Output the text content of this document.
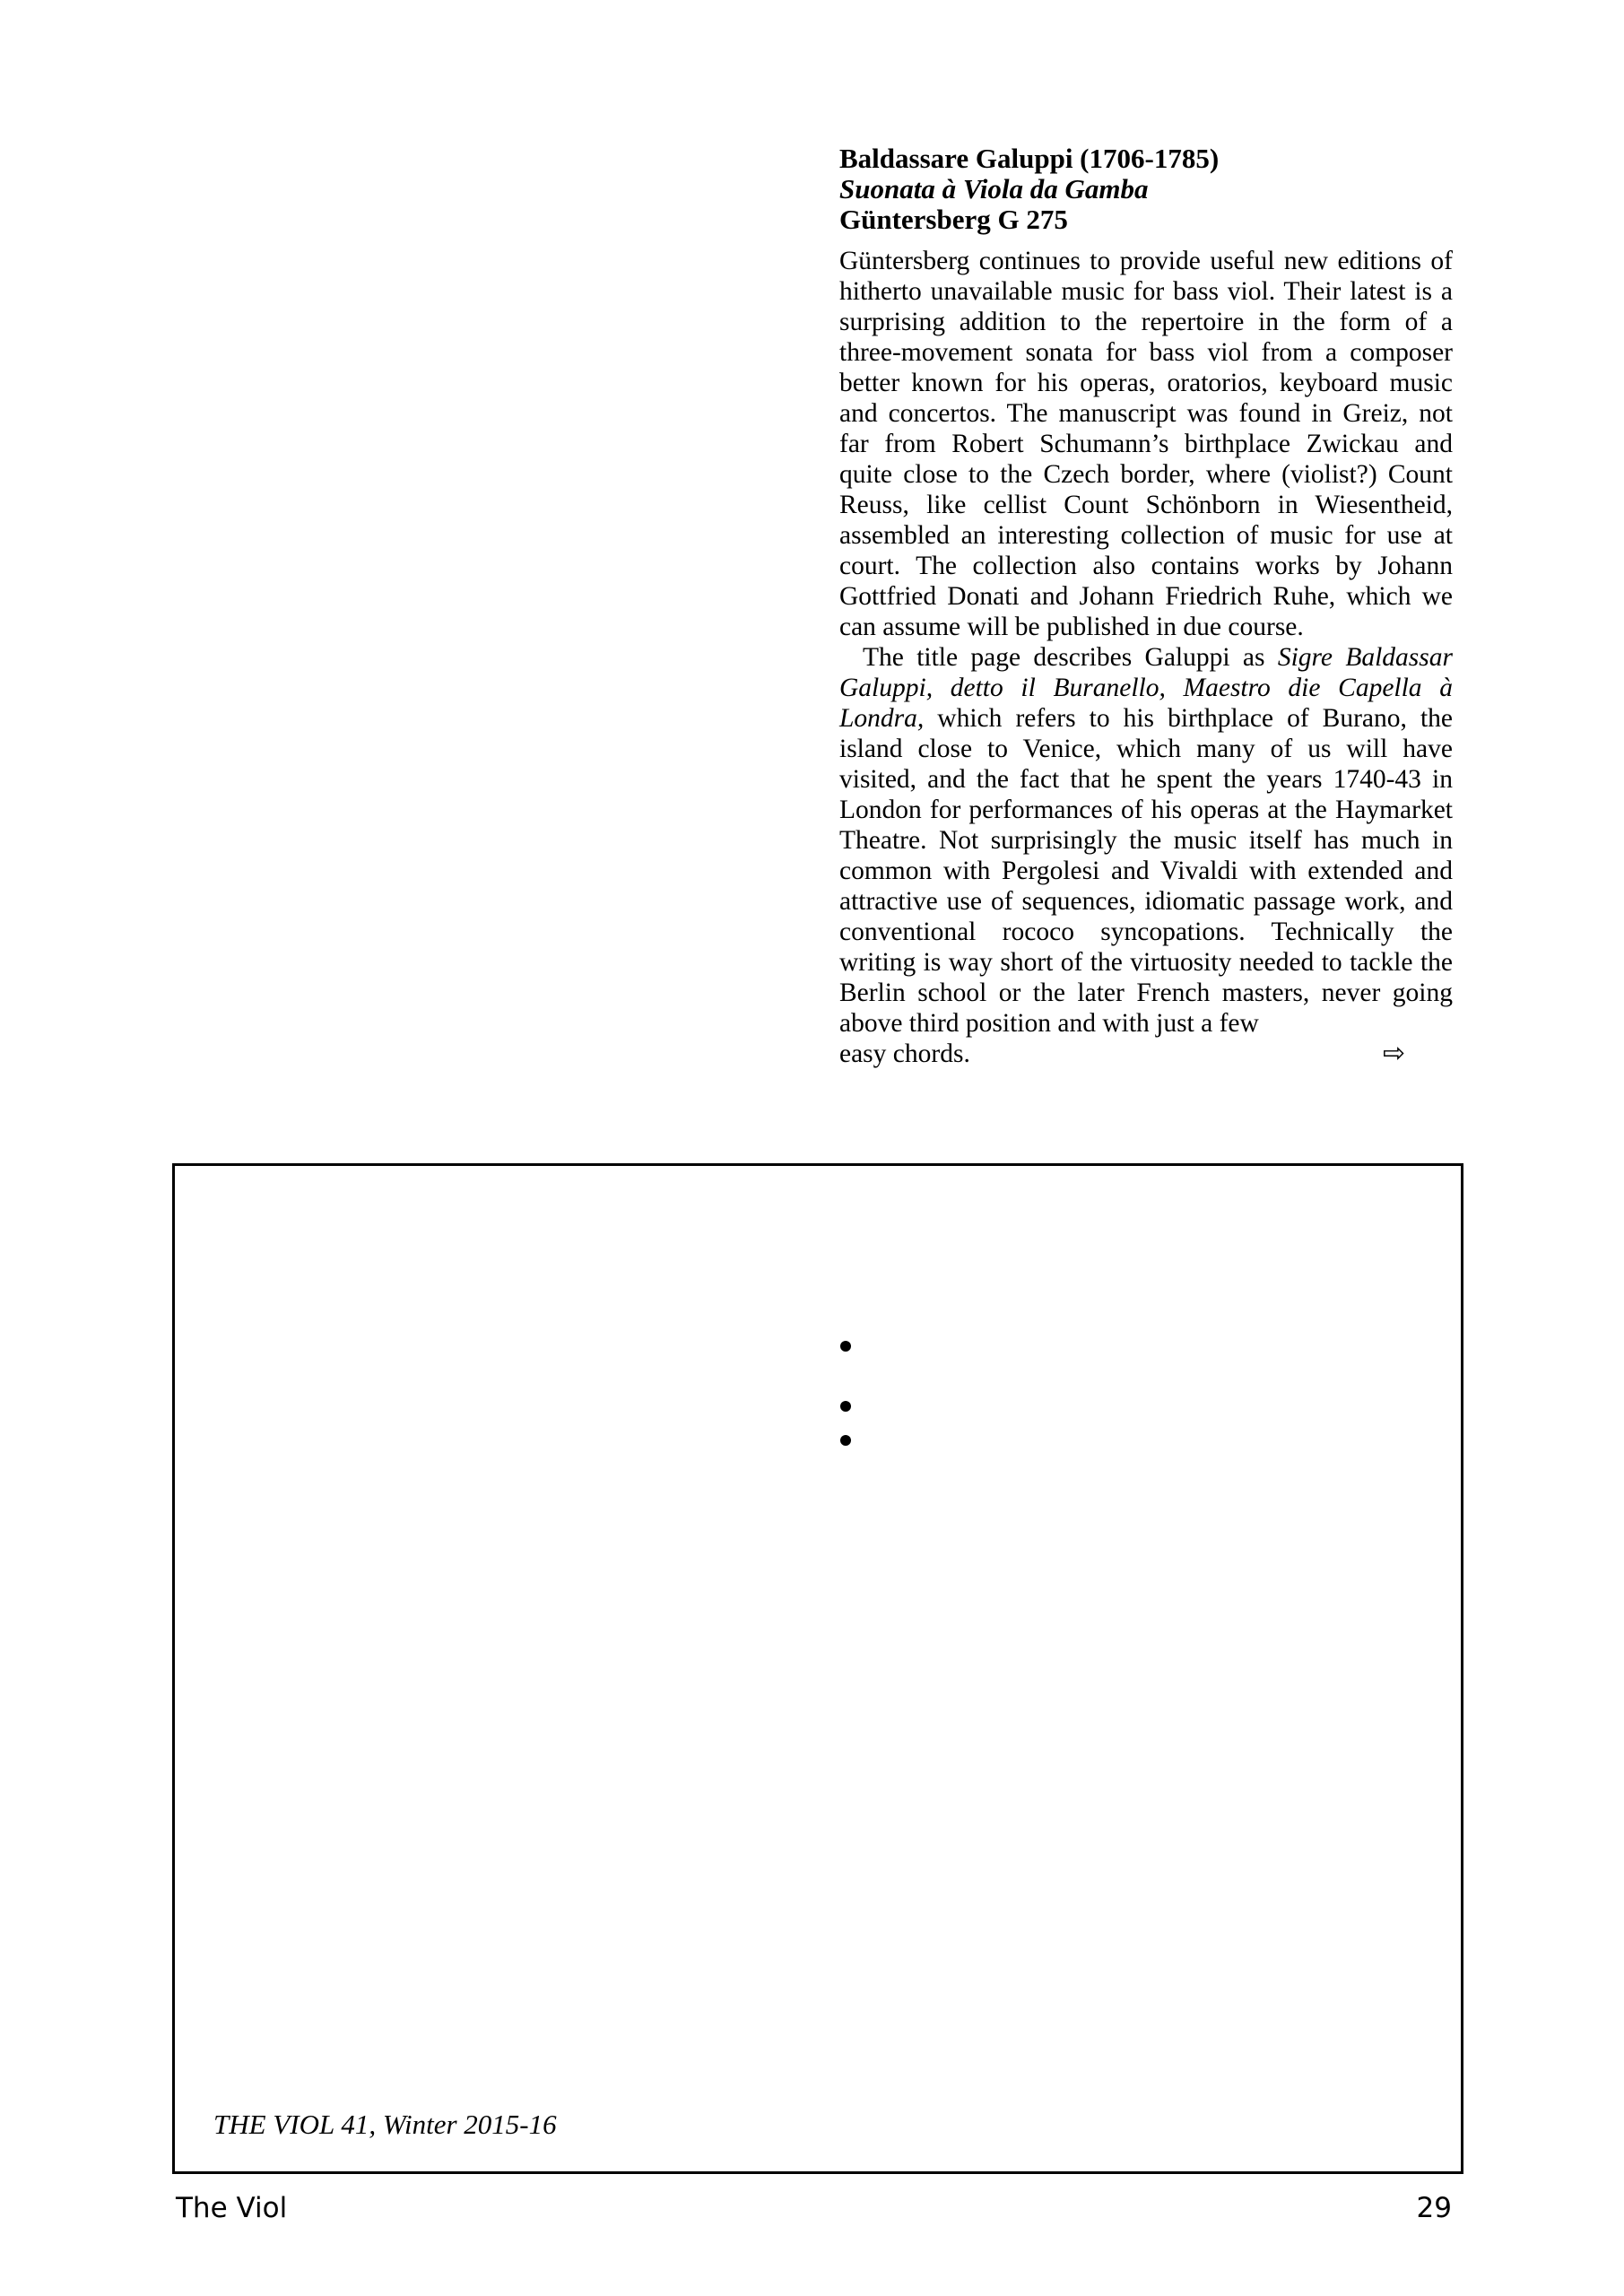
Baldassare Galuppi (1706-1785)
Suonata à Viola da Gamba
Güntersberg G 275

Güntersberg continues to provide useful new editions of hitherto unavailable music for bass viol. Their latest is a surprising addition to the repertoire in the form of a three-movement sonata for bass viol from a composer better known for his operas, oratorios, keyboard music and concertos. The manuscript was found in Greiz, not far from Robert Schumann’s birthplace Zwickau and quite close to the Czech border, where (violist?) Count Reuss, like cellist Count Schönborn in Wiesentheid, assembled an interesting collection of music for use at court. The collection also contains works by Johann Gottfried Donati and Johann Friedrich Ruhe, which we can assume will be published in due course.

The title page describes Galuppi as Sigre Baldassar Galuppi, detto il Buranello, Maestro die Capella à Londra, which refers to his birthplace of Burano, the island close to Venice, which many of us will have visited, and the fact that he spent the years 1740-43 in London for performances of his operas at the Haymarket Theatre. Not surprisingly the music itself has much in common with Pergolesi and Vivaldi with extended and attractive use of sequences, idiomatic passage work, and conventional rococo syncopations. Technically the writing is way short of the virtuosity needed to tackle the Berlin school or the later French masters, never going above third position and with just a few

easy chords.	⇨
THE VIOL 41, Winter 2015-16
The Viol	29
